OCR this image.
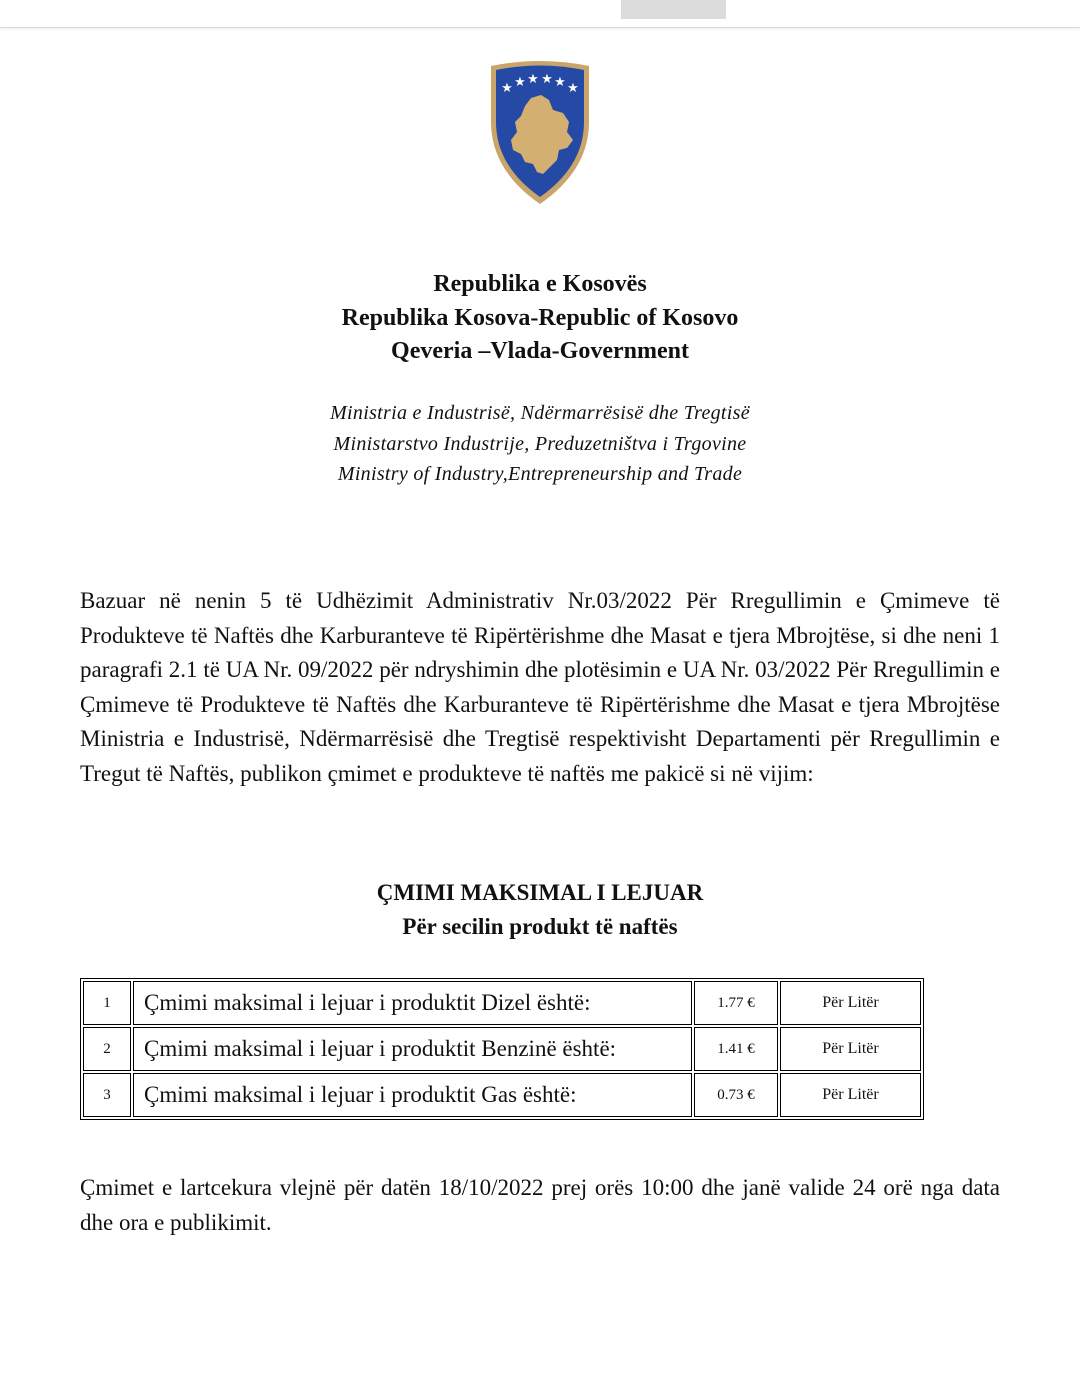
★ ★ ★ ★ ★ ★
Republika e Kosovës
Republika Kosova-Republic of Kosovo
Qeveria –Vlada-Government
Ministria e Industrisë, Ndërmarrësisë dhe Tregtisë
Ministarstvo Industrije, Preduzetništva i Trgovine
Ministry of Industry,Entrepreneurship and Trade

Bazuar në nenin 5 të Udhëzimit Administrativ Nr.03/2022 Për Rregullimin e Çmimeve të Produkteve të Naftës dhe Karburanteve të Ripërtërishme dhe Masat e tjera Mbrojtëse, si dhe neni 1 paragrafi 2.1 të UA Nr. 09/2022 për ndryshimin dhe plotësimin e UA Nr. 03/2022 Për Rregullimin e Çmimeve të Produkteve të Naftës dhe Karburanteve të Ripërtërishme dhe Masat e tjera Mbrojtëse Ministria e Industrisë, Ndërmarrësisë dhe Tregtisë respektivisht Departamenti për Rregullimin e Tregut të Naftës, publikon çmimet e produkteve të naftës me pakicë si në vijim:

ÇMIMI MAKSIMAL I LEJUAR
Për secilin produkt të naftës
1	Çmimi maksimal i lejuar i produktit Dizel është:	1.77 €	Për Litër
2	Çmimi maksimal i lejuar i produktit Benzinë është:	1.41 €	Për Litër
3	Çmimi maksimal i lejuar i produktit Gas është:	0.73 €	Për Litër

Çmimet e lartcekura vlejnë për datën 18/10/2022 prej orës 10:00 dhe janë valide 24 orë nga data dhe ora e publikimit.
